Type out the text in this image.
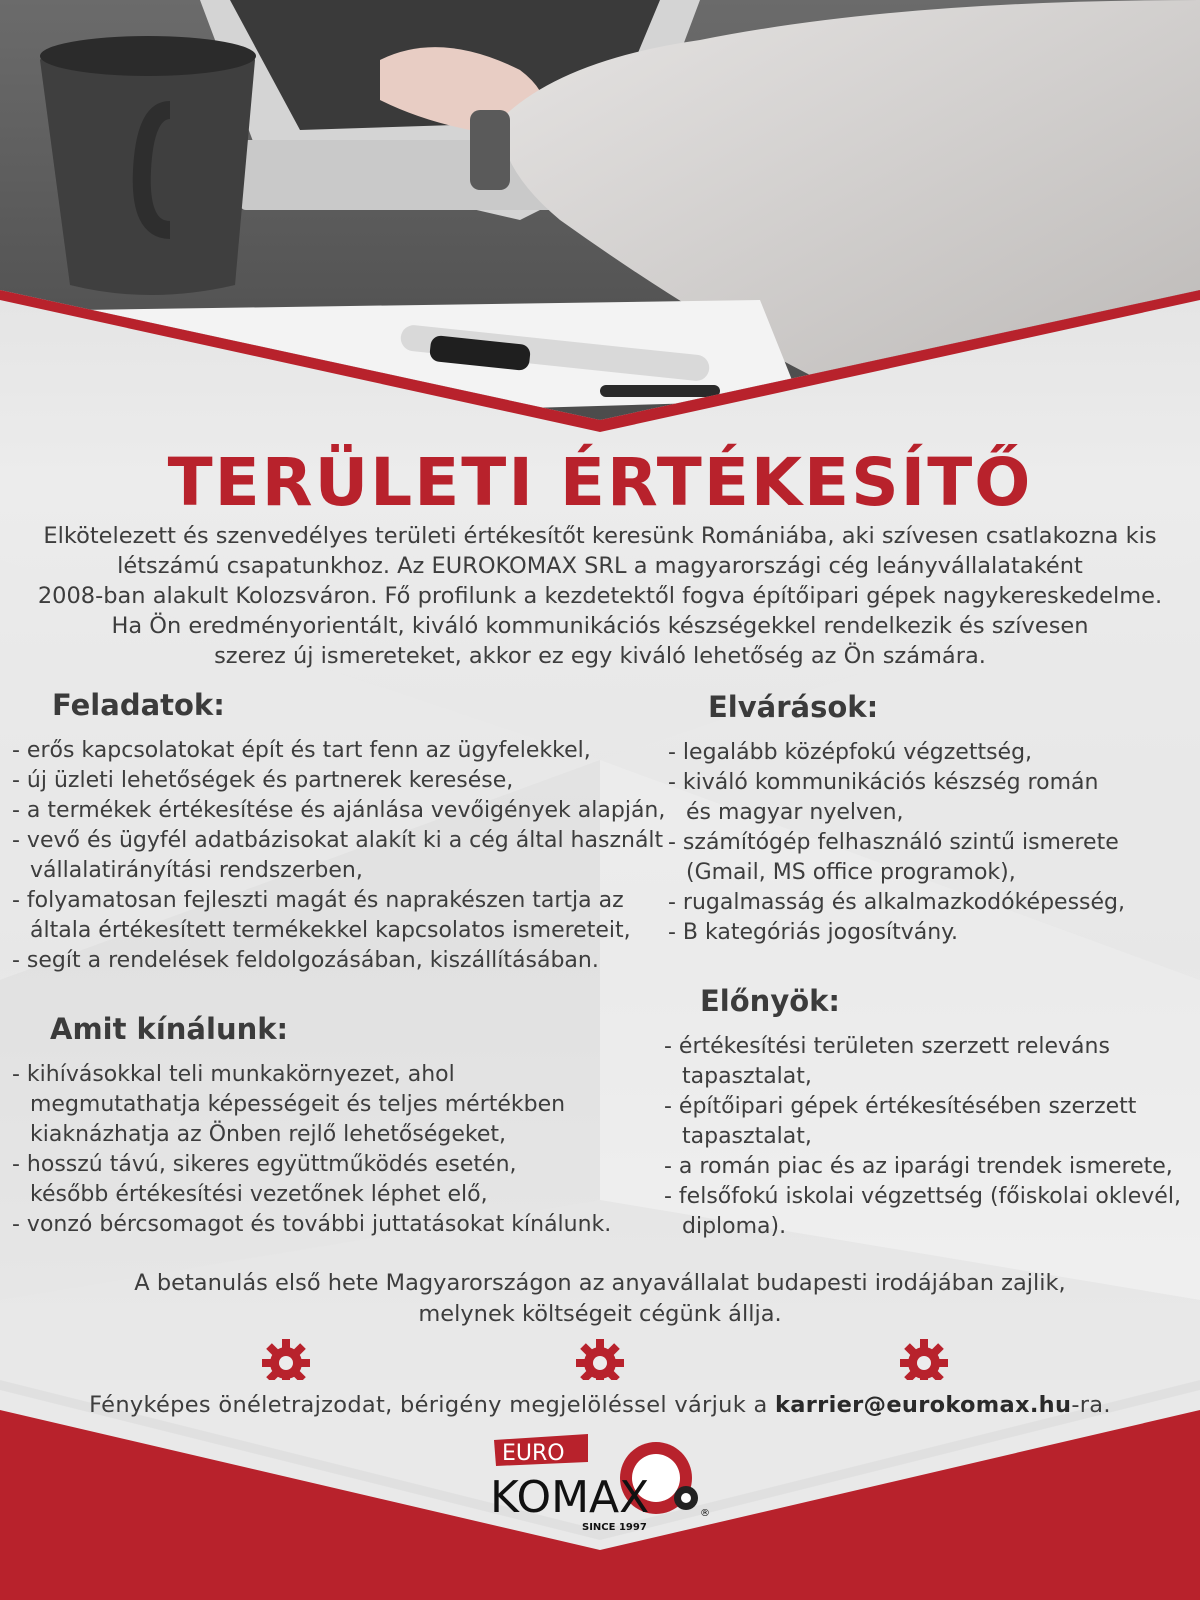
TERÜLETI ÉRTÉKESÍTŐ
Elkötelezett és szenvedélyes területi értékesítőt keresünk Romániába, aki szívesen csatlakozna kis
létszámú csapatunkhoz. Az EUROKOMAX SRL a magyarországi cég leányvállalataként
2008-ban alakult Kolozsváron. Fő profilunk a kezdetektől fogva építőipari gépek nagykereskedelme.
Ha Ön eredményorientált, kiváló kommunikációs készségekkel rendelkezik és szívesen
szerez új ismereteket, akkor ez egy kiváló lehetőség az Ön számára.
Feladatok:
- erős kapcsolatokat épít és tart fenn az ügyfelekkel,
- új üzleti lehetőségek és partnerek keresése,
- a termékek értékesítése és ajánlása vevőigények alapján,
- vevő és ügyfél adatbázisokat alakít ki a cég által használt
vállalatirányítási rendszerben,
- folyamatosan fejleszti magát és naprakészen tartja az
általa értékesített termékekkel kapcsolatos ismereteit,
- segít a rendelések feldolgozásában, kiszállításában.
Elvárások:
- legalább középfokú végzettség,
- kiváló kommunikációs készség román
és magyar nyelven,
- számítógép felhasználó szintű ismerete
(Gmail, MS office programok),
- rugalmasság és alkalmazkodóképesség,
- B kategóriás jogosítvány.
Amit kínálunk:
- kihívásokkal teli munkakörnyezet, ahol
megmutathatja képességeit és teljes mértékben
kiaknázhatja az Önben rejlő lehetőségeket,
- hosszú távú, sikeres együttműködés esetén,
később értékesítési vezetőnek léphet elő,
- vonzó bércsomagot és további juttatásokat kínálunk.
Előnyök:
- értékesítési területen szerzett releváns
tapasztalat,
- építőipari gépek értékesítésében szerzett
tapasztalat,
- a román piac és az iparági trendek ismerete,
- felsőfokú iskolai végzettség (főiskolai oklevél,
diploma).
A betanulás első hete Magyarországon az anyavállalat budapesti irodájában zajlik,
melynek költségeit cégünk állja.
Fényképes önéletrajzodat, bérigény megjelöléssel várjuk a karrier@eurokomax.hu-ra.
EURO
KOMAX
SINCE 1997
®
